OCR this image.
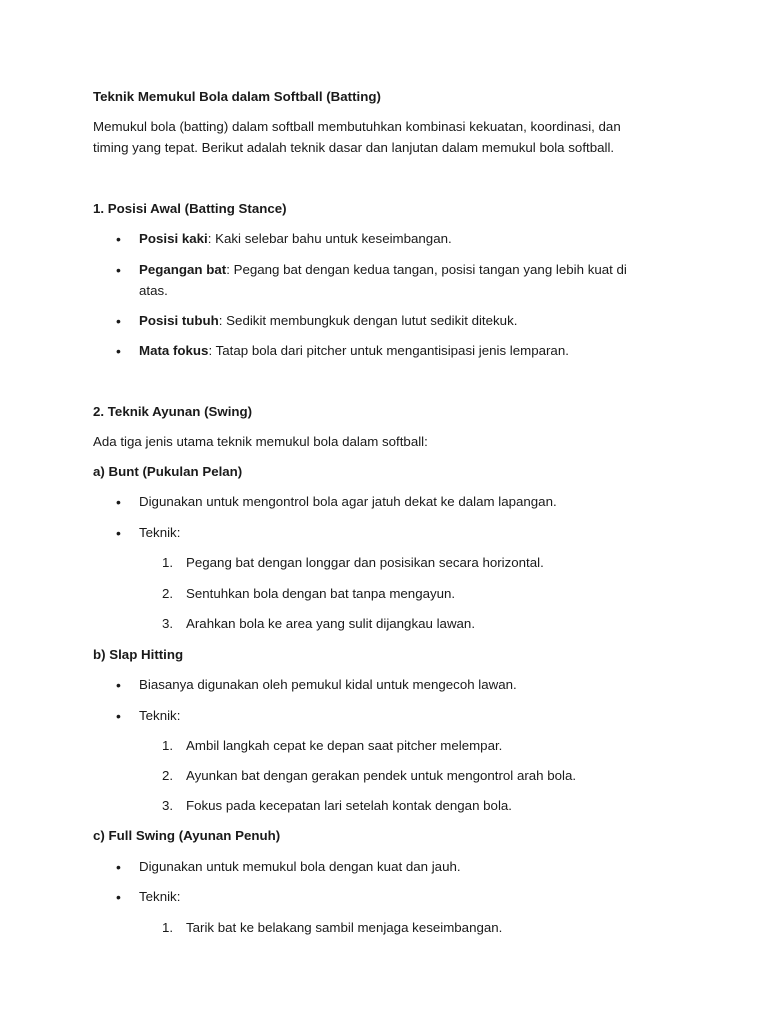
Teknik Memukul Bola dalam Softball (Batting)
Memukul bola (batting) dalam softball membutuhkan kombinasi kekuatan, koordinasi, dan
timing yang tepat. Berikut adalah teknik dasar dan lanjutan dalam memukul bola softball.
1. Posisi Awal (Batting Stance)
• Posisi kaki: Kaki selebar bahu untuk keseimbangan.
• Pegangan bat: Pegang bat dengan kedua tangan, posisi tangan yang lebih kuat di
atas.
• Posisi tubuh: Sedikit membungkuk dengan lutut sedikit ditekuk.
• Mata fokus: Tatap bola dari pitcher untuk mengantisipasi jenis lemparan.
2. Teknik Ayunan (Swing)
Ada tiga jenis utama teknik memukul bola dalam softball:
a) Bunt (Pukulan Pelan)
• Digunakan untuk mengontrol bola agar jatuh dekat ke dalam lapangan.
• Teknik:
1. Pegang bat dengan longgar dan posisikan secara horizontal.
2. Sentuhkan bola dengan bat tanpa mengayun.
3. Arahkan bola ke area yang sulit dijangkau lawan.
b) Slap Hitting
• Biasanya digunakan oleh pemukul kidal untuk mengecoh lawan.
• Teknik:
1. Ambil langkah cepat ke depan saat pitcher melempar.
2. Ayunkan bat dengan gerakan pendek untuk mengontrol arah bola.
3. Fokus pada kecepatan lari setelah kontak dengan bola.
c) Full Swing (Ayunan Penuh)
• Digunakan untuk memukul bola dengan kuat dan jauh.
• Teknik:
1. Tarik bat ke belakang sambil menjaga keseimbangan.
